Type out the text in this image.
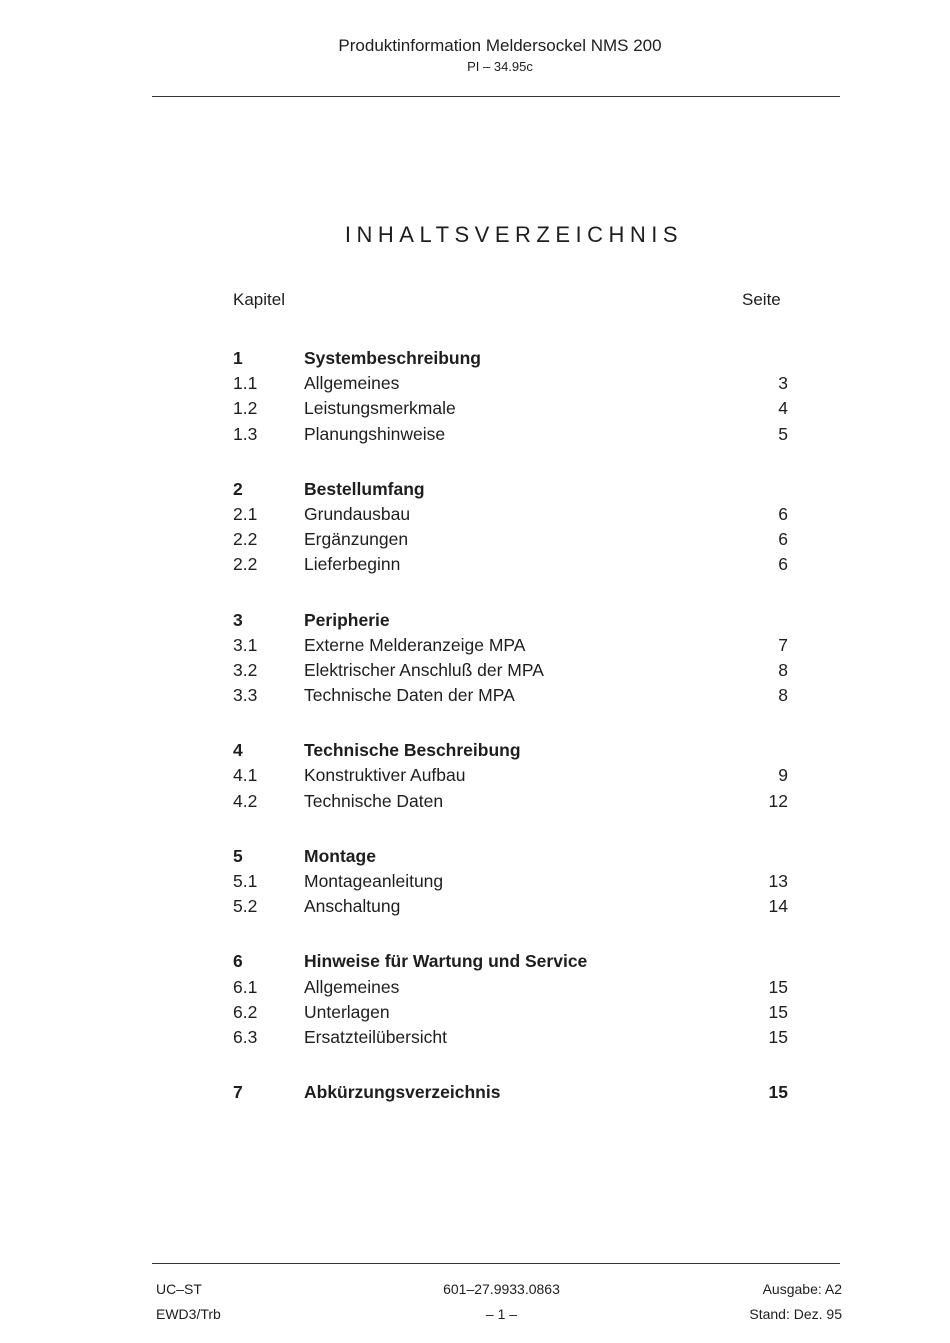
Produktinformation Meldersockel NMS 200
PI – 34.95c
INHALTSVERZEICHNIS
Kapitel	Seite
1	Systembeschreibung
1.1	Allgemeines	3
1.2	Leistungsmerkmale	4
1.3	Planungshinweise	5
2	Bestellumfang
2.1	Grundausbau	6
2.2	Ergänzungen	6
2.2	Lieferbeginn	6
3	Peripherie
3.1	Externe Melderanzeige MPA	7
3.2	Elektrischer Anschluß der MPA	8
3.3	Technische Daten der MPA	8
4	Technische Beschreibung
4.1	Konstruktiver Aufbau	9
4.2	Technische Daten	12
5	Montage
5.1	Montageanleitung	13
5.2	Anschaltung	14
6	Hinweise für Wartung und Service
6.1	Allgemeines	15
6.2	Unterlagen	15
6.3	Ersatzteilübersicht	15
7	Abkürzungsverzeichnis	15
UC–ST
EWD3/Trb
601–27.9933.0863
– 1 –
Ausgabe: A2
Stand: Dez. 95
